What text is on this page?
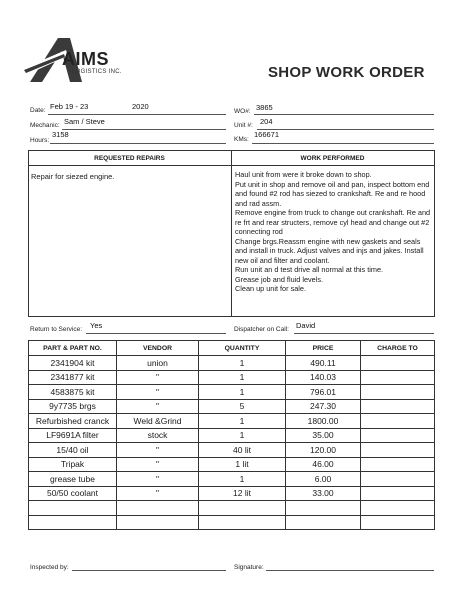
AIMS
LOGISTICS INC.	SHOP WORK ORDER
Date: Feb 19 - 23	2020
Mechanic: Sam / Steve
Hours:
3158
WO#: 3865
Unit #: 204
KMs:
166671
REQUESTED REPAIRS	WORK PERFORMED
Repair for siezed engine.	Haul unit from were it broke down to shop.
Put unit in shop and remove oil and pan, inspect bottom end and found #2 rod has siezed to crankshaft. Re and re hood and rad assm.
Remove engine from truck to change out crankshaft. Re and re frt and rear structers, remove cyl head and change out #2 connecting rod
Change brgs.Reassm engine with new gaskets and seals and install in truck. Adjust valves and injs and jakes. Install new oil and filter and coolant.
Run unit an d test drive all normal at this time.
Grease job and fluid levels.
Clean up unit for sale.
Return to Service: Yes	Dispatcher on Call: David
PART & PART NO.	VENDOR	QUANTITY	PRICE	CHARGE TO
2341904 kit	union	1	490.11	
2341877 kit	"	1	140.03	
4583875 kit	"	1	796.01	
9y7735 brgs	"	5	247.30	
Refurbished cranck	Weld &Grind	1	1800.00	
LF9691A filter	stock	1	35.00	
15/40 oil	"	40 lit	120.00	
Tripak	"	1 lit	46.00	
grease tube	"	1	6.00	
50/50 coolant	"	12 lit	33.00	

Inspected by:	Signature:
